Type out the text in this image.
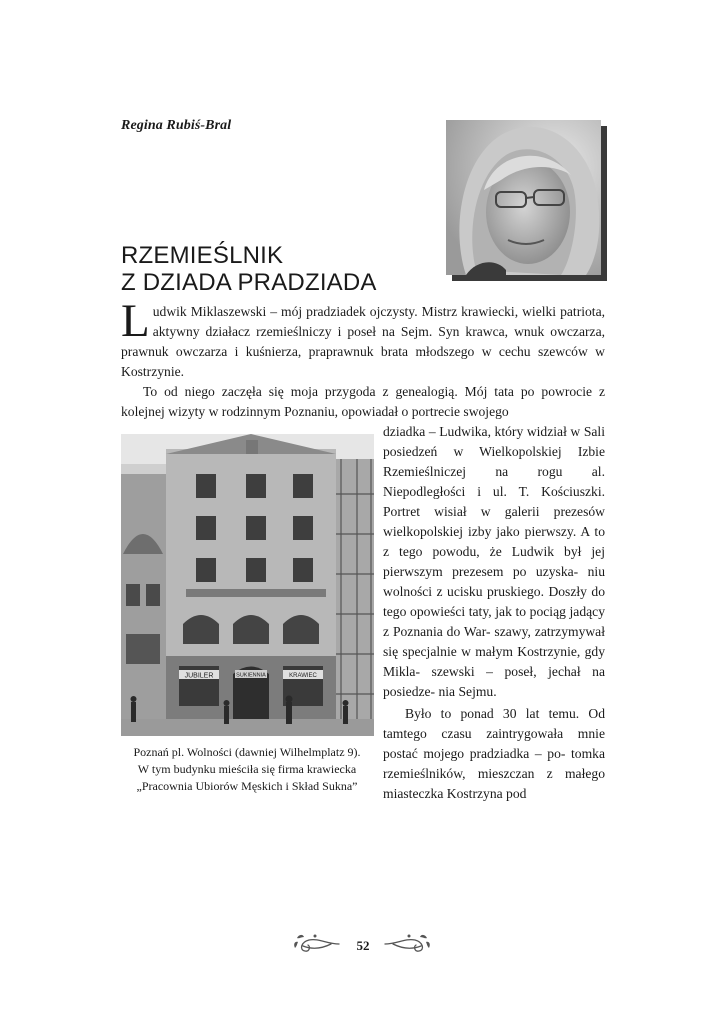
Regina Rubiś-Bral
RZEMIEŚLNIK
Z DZIADA PRADZIADA

Ludwik Miklaszewski – mój pradziadek ojczysty. Mistrz krawiecki, wielki patriota, aktywny działacz rzemieślniczy i poseł na Sejm. Syn krawca, wnuk owczarza, prawnuk owczarza i kuśnierza, praprawnuk brata młodszego w cechu szewców w Kostrzynie.

To od niego zaczęła się moja przygoda z genealogią. Mój tata po powrocie z kolejnej wizyty w rodzinnym Poznaniu, opowiadał o portrecie swojego

dziadka – Ludwika, który widział w Sali posiedzeń w Wielkopolskiej Izbie Rzemieślniczej na rogu al. Niepodległości i ul. T. Kościuszki. Portret wisiał w galerii prezesów wielkopolskiej izby jako pierwszy. A to z tego powodu, że Ludwik był jej pierwszym prezesem po uzyska- niu wolności z ucisku pruskiego. Doszły do tego opowieści taty, jak to pociąg jadący z Poznania do War- szawy, zatrzymywał się specjalnie w małym Kostrzynie, gdy Mikla- szewski – poseł, jechał na posiedze- nia Sejmu.

Było to ponad 30 lat temu. Od tamtego czasu zaintrygowała mnie postać mojego pradziadka – po- tomka rzemieślników, mieszczan z małego miasteczka Kostrzyna pod

JUBILER	SUKIENNIA	KRAWIEC
Poznań pl. Wolności (dawniej Wilhelmplatz 9).
W tym budynku mieściła się firma krawiecka
„Pracownia Ubiorów Męskich i Skład Sukna”
52
